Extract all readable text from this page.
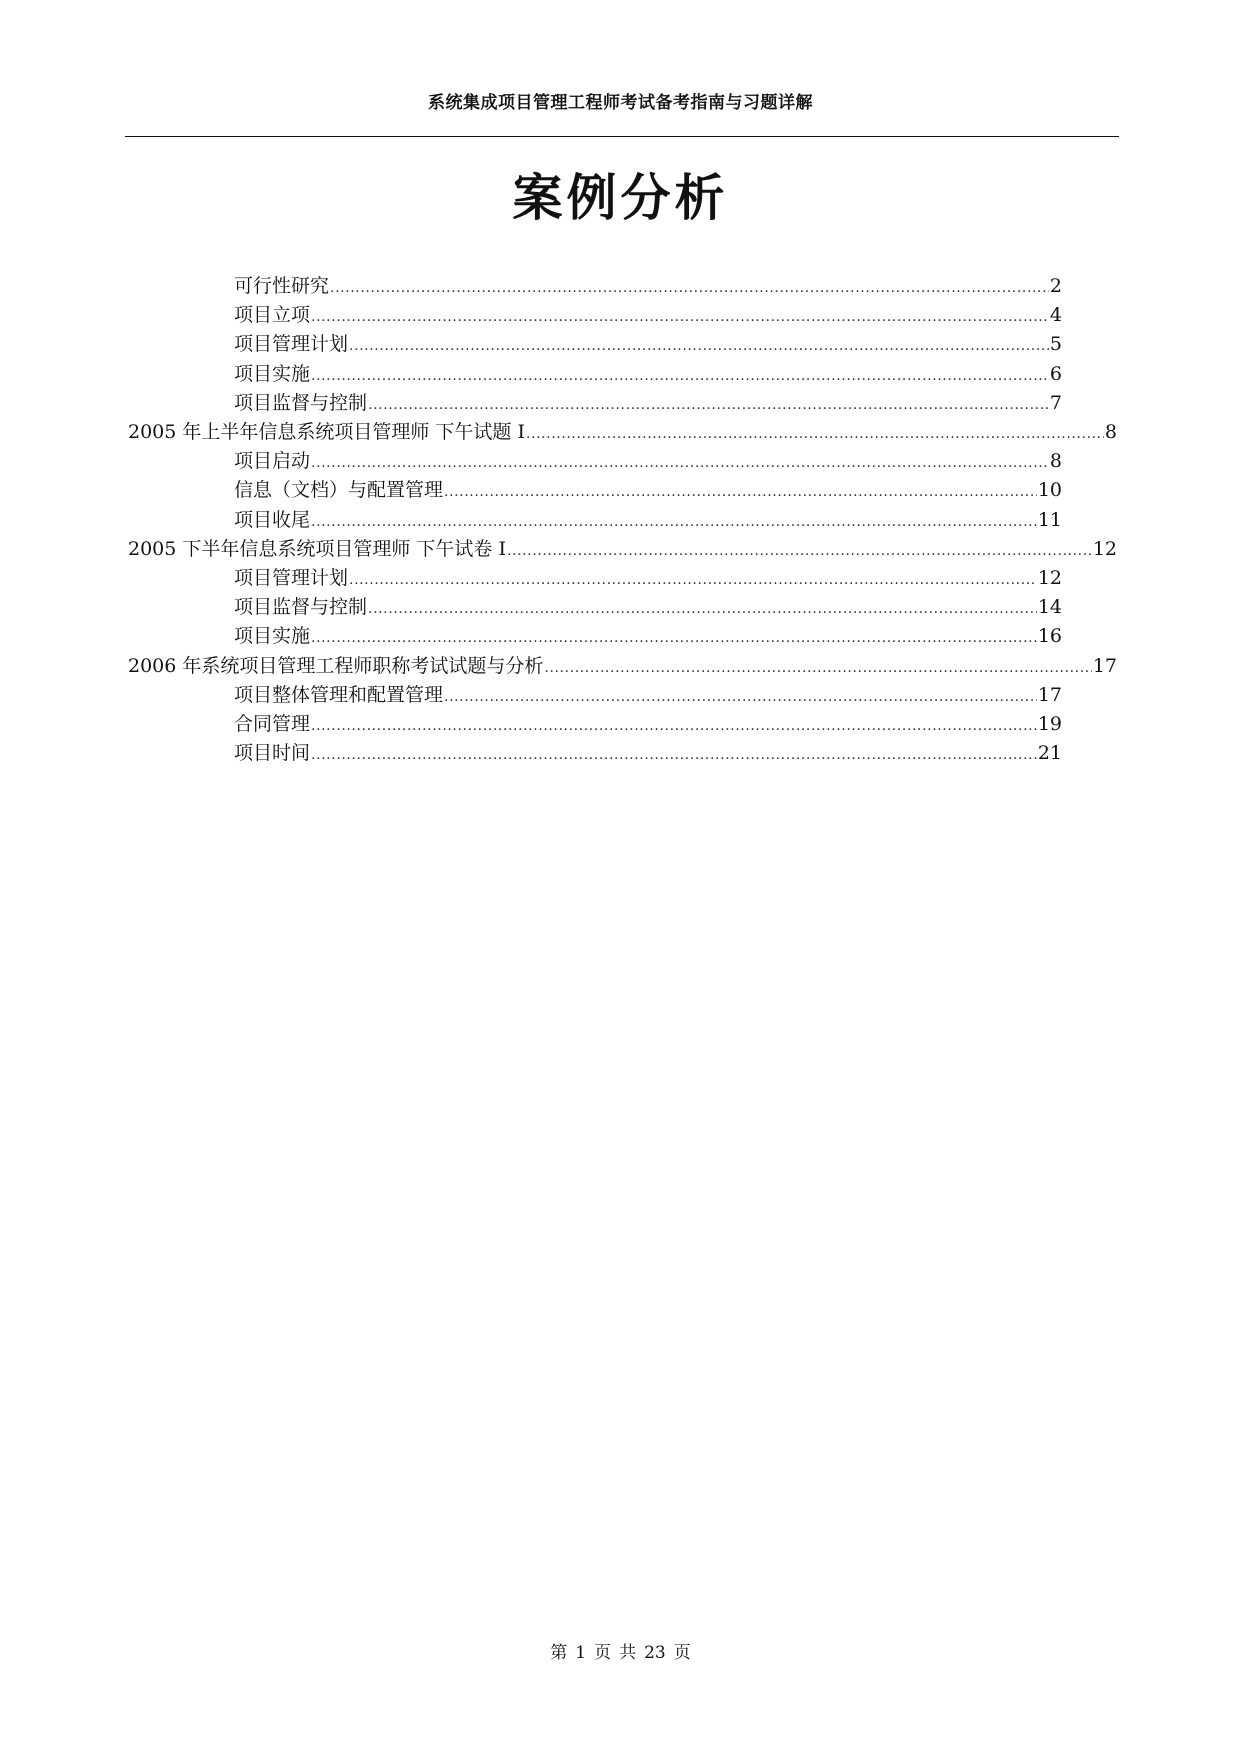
系统集成项目管理工程师考试备考指南与习题详解
案例分析
可行性研究 .....	2
项目立项 .....	4
项目管理计划 .....	5
项目实施 .....	6
项目监督与控制 .....	7
2005 年上半年信息系统项目管理师 下午试题 I .....	8
项目启动 .....	8
信息（文档）与配置管理 .....	10
项目收尾 .....	11
2005 下半年信息系统项目管理师 下午试卷 I .....	12
项目管理计划 .....	12
项目监督与控制 .....	14
项目实施 .....	16
2006 年系统项目管理工程师职称考试试题与分析 .....	17
项目整体管理和配置管理 .....	17
合同管理 .....	19
项目时间 .....	21
第 1 页 共 23 页
